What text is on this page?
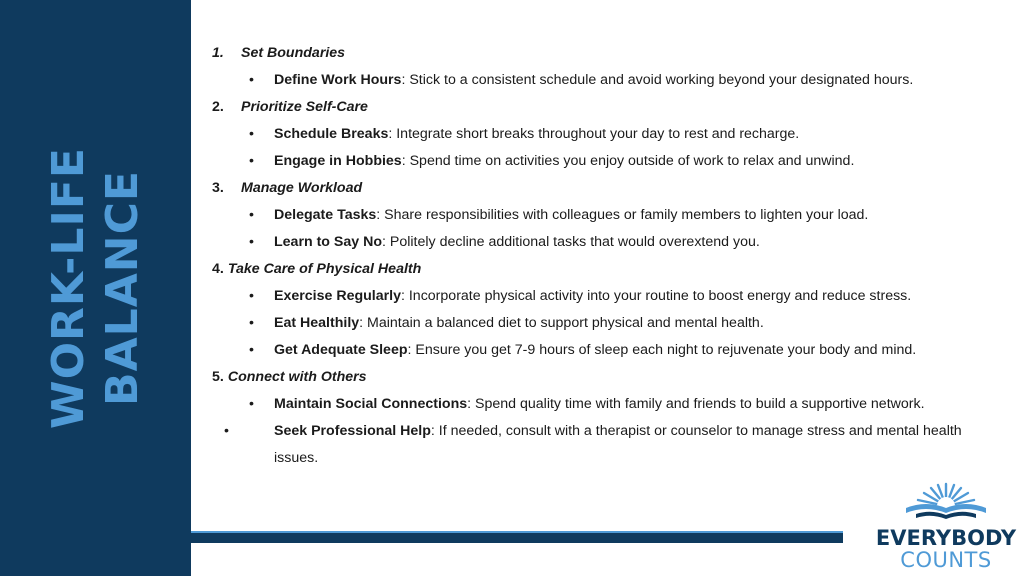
WORK-LIFE BALANCE
1. Set Boundaries
• Define Work Hours: Stick to a consistent schedule and avoid working beyond your designated hours.
2. Prioritize Self-Care
• Schedule Breaks: Integrate short breaks throughout your day to rest and recharge.
• Engage in Hobbies: Spend time on activities you enjoy outside of work to relax and unwind.
3. Manage Workload
• Delegate Tasks: Share responsibilities with colleagues or family members to lighten your load.
• Learn to Say No: Politely decline additional tasks that would overextend you.
4. Take Care of Physical Health
• Exercise Regularly: Incorporate physical activity into your routine to boost energy and reduce stress.
• Eat Healthily: Maintain a balanced diet to support physical and mental health.
• Get Adequate Sleep: Ensure you get 7-9 hours of sleep each night to rejuvenate your body and mind.
5. Connect with Others
• Maintain Social Connections: Spend quality time with family and friends to build a supportive network.
•	Seek Professional Help: If needed, consult with a therapist or counselor to manage stress and mental health issues.
EVERYBODY
COUNTS
